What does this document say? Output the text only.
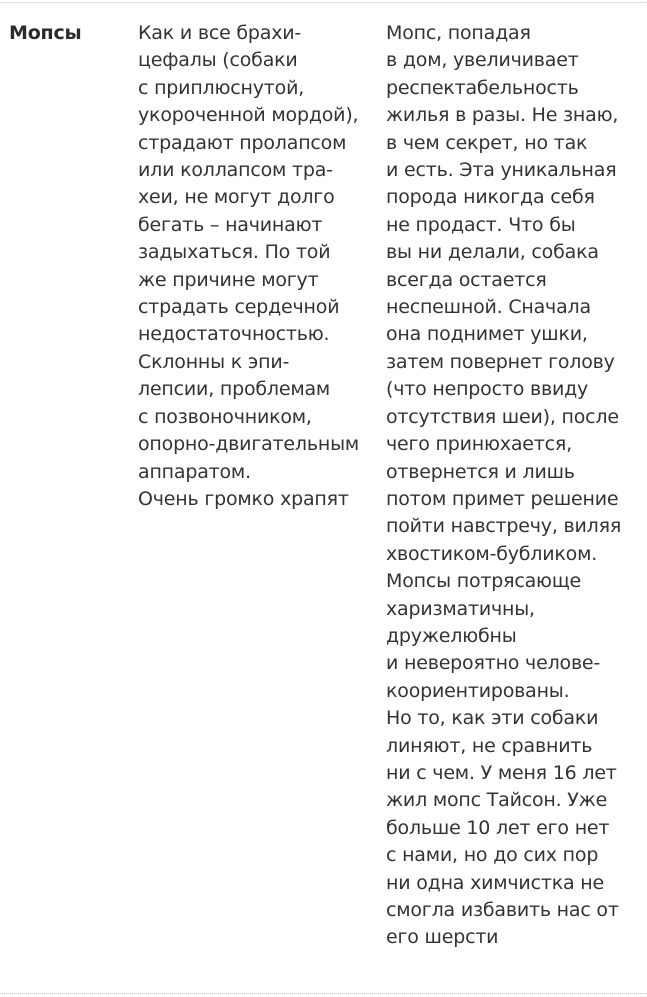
Мопсы	Как и все брахи-
цефалы (собаки
с приплюснутой,
укороченной мордой),
страдают пролапсом
или коллапсом тра-
хеи, не могут долго
бегать – начинают
задыхаться. По той
же причине могут
страдать сердечной
недостаточностью.
Склонны к эпи-
лепсии, проблемам
с позвоночником,
опорно-двигательным
аппаратом.
Очень громко храпят
Мопс, попадая
в дом, увеличивает
респектабельность
жилья в разы. Не знаю,
в чем секрет, но так
и есть. Эта уникальная
порода никогда себя
не продаст. Что бы
вы ни делали, собака
всегда остается
неспешной. Сначала
она поднимет ушки,
затем повернет голову
(что непросто ввиду
отсутствия шеи), после
чего принюхается,
отвернется и лишь
потом примет решение
пойти навстречу, виляя
хвостиком-бубликом.
Мопсы потрясающе
харизматичны,
дружелюбны
и невероятно челове-
коориентированы.
Но то, как эти собаки
линяют, не сравнить
ни с чем. У меня 16 лет
жил мопс Тайсон. Уже
больше 10 лет его нет
с нами, но до сих пор
ни одна химчистка не
смогла избавить нас от
его шерсти
